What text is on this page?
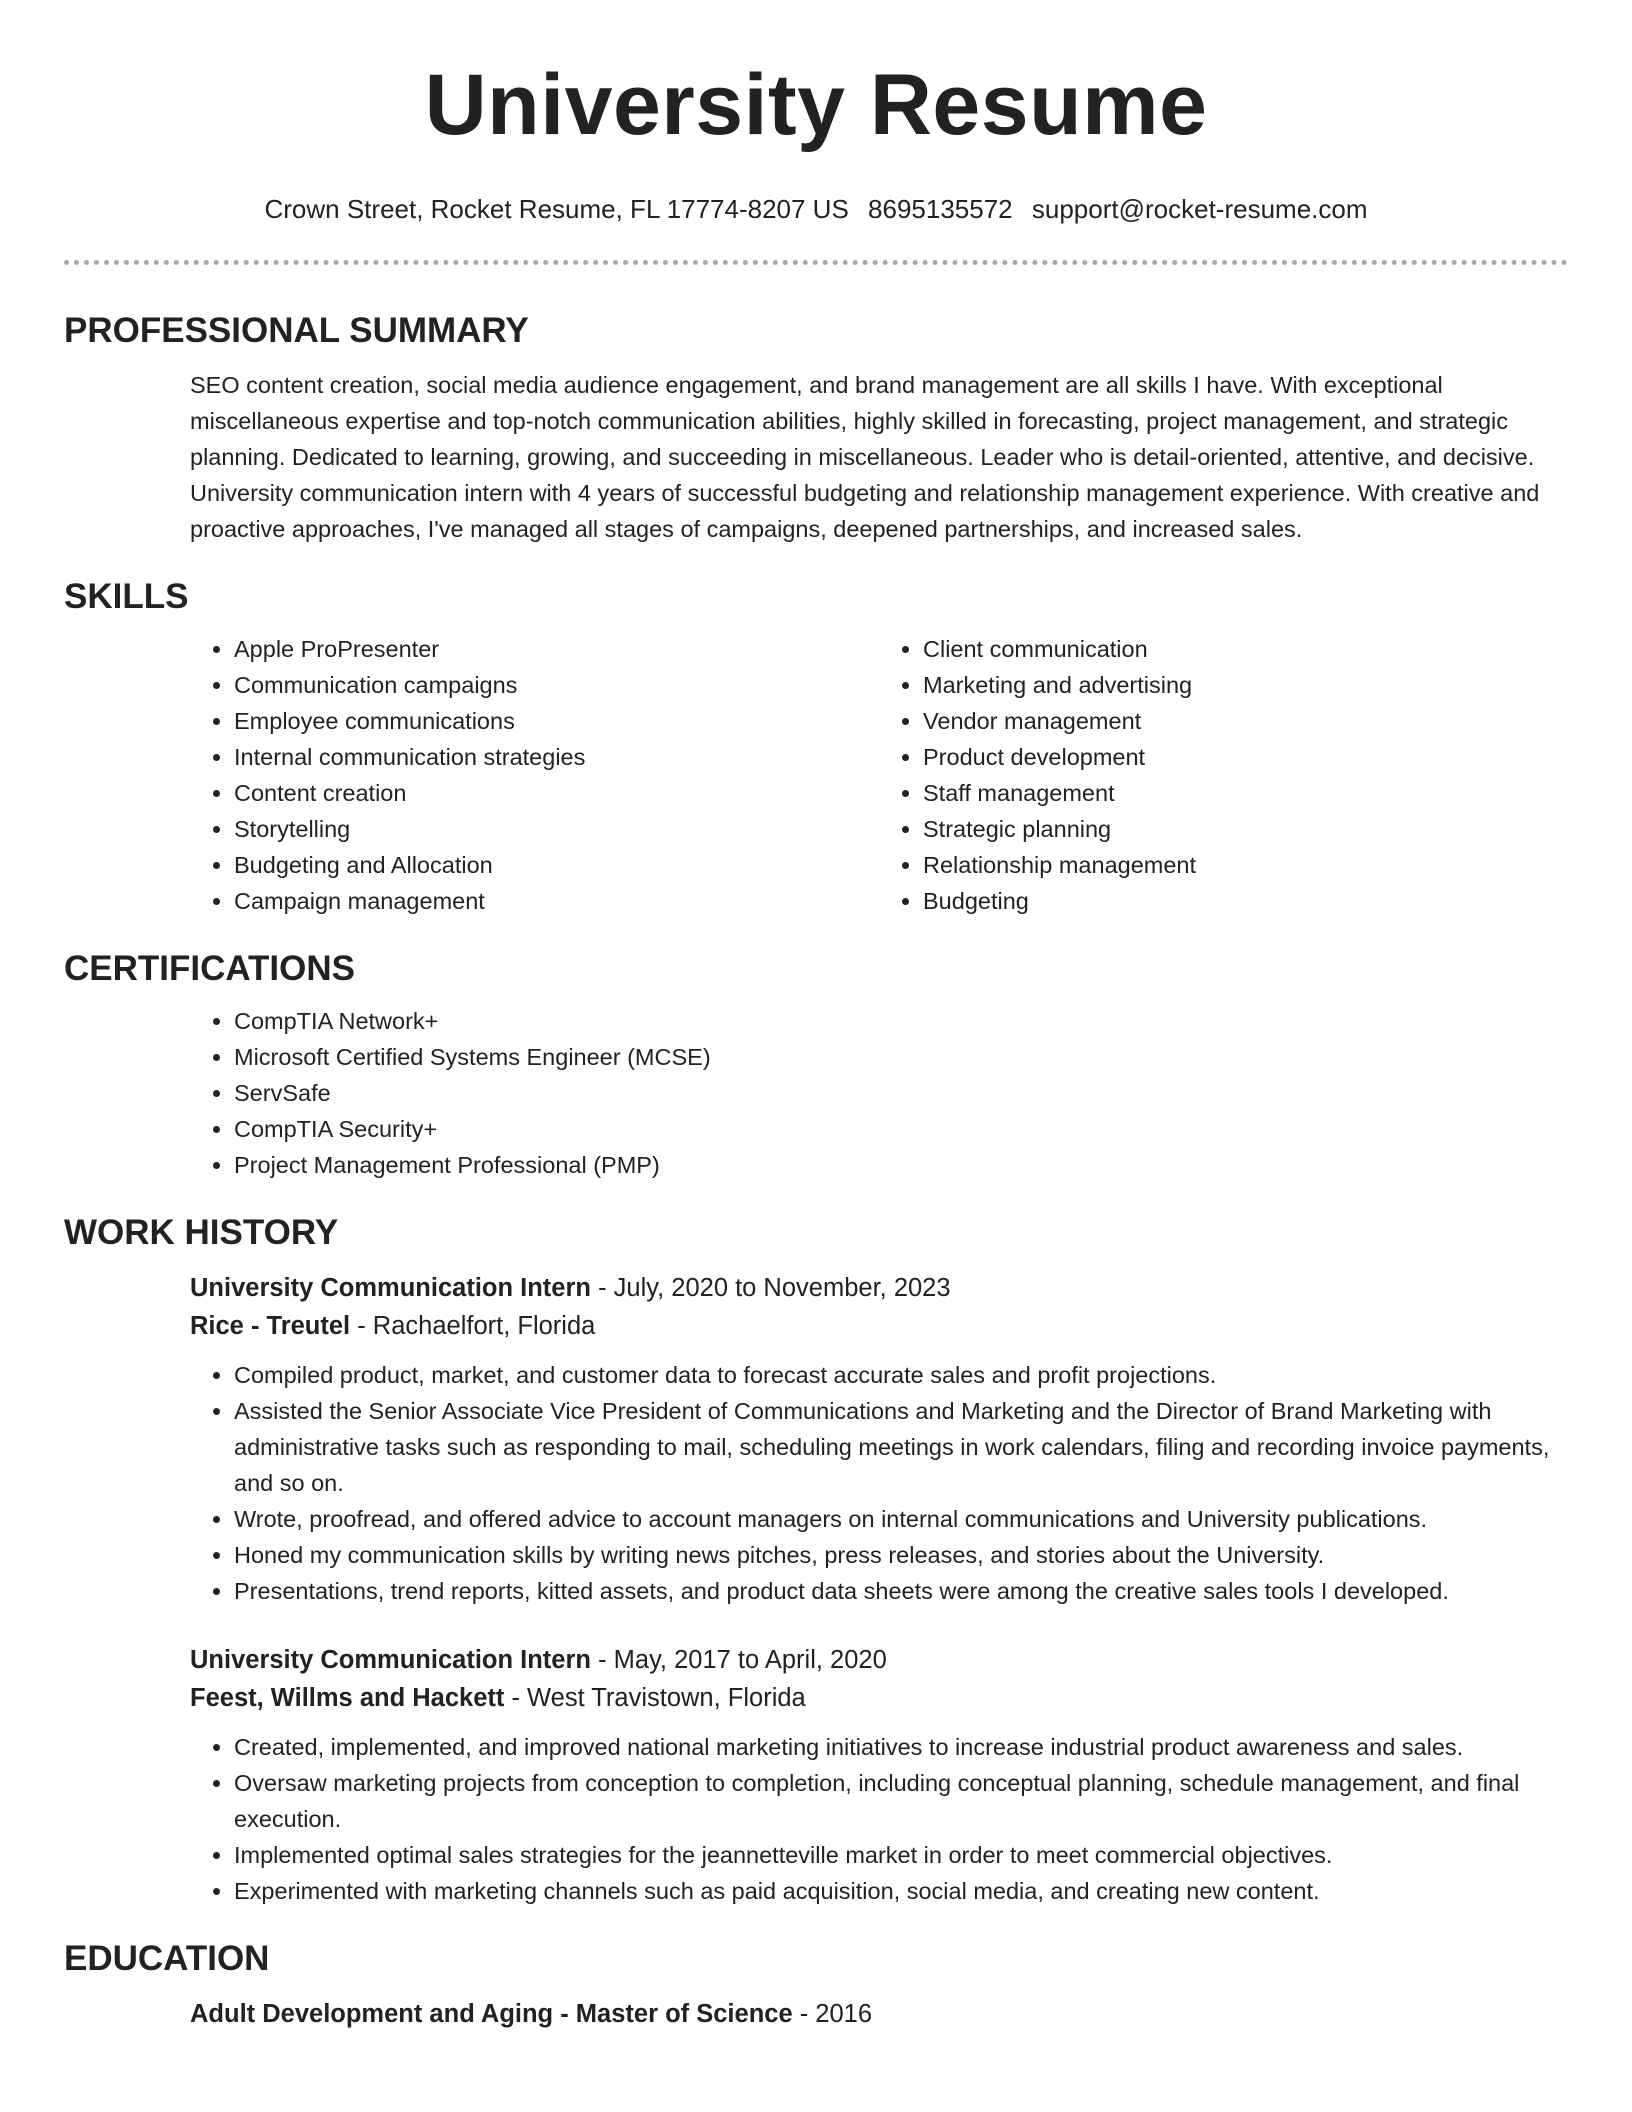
University Resume
Crown Street, Rocket Resume, FL 17774-8207 US 8695135572 support@rocket-resume.com
PROFESSIONAL SUMMARY
SEO content creation, social media audience engagement, and brand management are all skills I have. With exceptional miscellaneous expertise and top-notch communication abilities, highly skilled in forecasting, project management, and strategic planning. Dedicated to learning, growing, and succeeding in miscellaneous. Leader who is detail-oriented, attentive, and decisive. University communication intern with 4 years of successful budgeting and relationship management experience. With creative and proactive approaches, I've managed all stages of campaigns, deepened partnerships, and increased sales.
SKILLS
• Apple ProPresenter
• Communication campaigns
• Employee communications
• Internal communication strategies
• Content creation
• Storytelling
• Budgeting and Allocation
• Campaign management
• Client communication
• Marketing and advertising
• Vendor management
• Product development
• Staff management
• Strategic planning
• Relationship management
• Budgeting
CERTIFICATIONS
• CompTIA Network+
• Microsoft Certified Systems Engineer (MCSE)
• ServSafe
• CompTIA Security+
• Project Management Professional (PMP)
WORK HISTORY
University Communication Intern - July, 2020 to November, 2023
Rice - Treutel - Rachaelfort, Florida
• Compiled product, market, and customer data to forecast accurate sales and profit projections.
• Assisted the Senior Associate Vice President of Communications and Marketing and the Director of Brand Marketing with administrative tasks such as responding to mail, scheduling meetings in work calendars, filing and recording invoice payments, and so on.
• Wrote, proofread, and offered advice to account managers on internal communications and University publications.
• Honed my communication skills by writing news pitches, press releases, and stories about the University.
• Presentations, trend reports, kitted assets, and product data sheets were among the creative sales tools I developed.
University Communication Intern - May, 2017 to April, 2020
Feest, Willms and Hackett - West Travistown, Florida
• Created, implemented, and improved national marketing initiatives to increase industrial product awareness and sales.
• Oversaw marketing projects from conception to completion, including conceptual planning, schedule management, and final execution.
• Implemented optimal sales strategies for the jeannetteville market in order to meet commercial objectives.
• Experimented with marketing channels such as paid acquisition, social media, and creating new content.
EDUCATION
Adult Development and Aging - Master of Science - 2016
